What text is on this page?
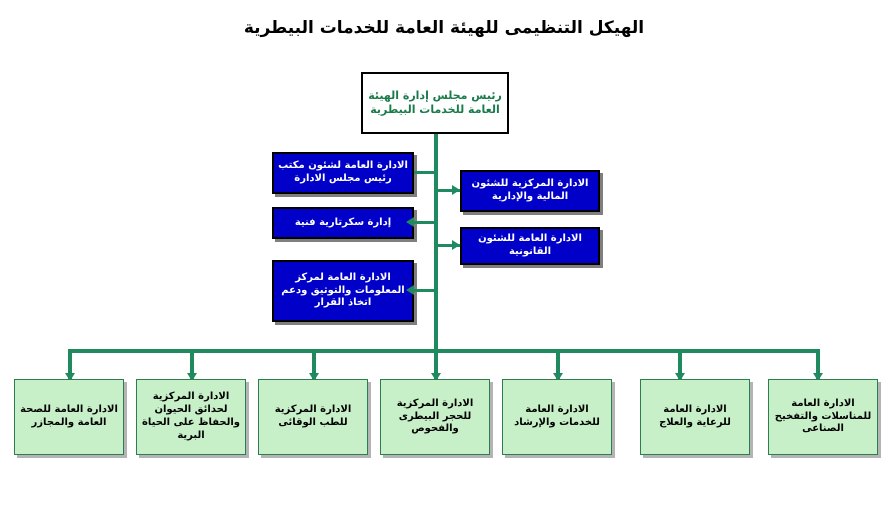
الهيكل التنظيمى للهيئة العامة للخدمات البيطرية
رئيس مجلس إدارة الهيئة العامة للخدمات البيطرية
الادارة العامة لشئون مكتب رئيس مجلس الادارة
إدارة سكرتارية فنية
الادارة العامة لمركز المعلومات والتوثيق ودعم اتخاذ القرار
الادارة المركزية للشئون المالية والإدارية
الادارة العامة للشئون القانونية
الادارة العامة للصحة العامة والمجازر
الادارة المركزية لحدائق الحيوان والحفاظ على الحياة البرية
الادارة المركزية للطب الوقائى
الادارة المركزية للحجر البيطرى والفحوص
الادارة العامة للخدمات والإرشاد
الادارة العامة للرعاية والعلاج
الادارة العامة للمناسلات والتفخيح الصناعى
